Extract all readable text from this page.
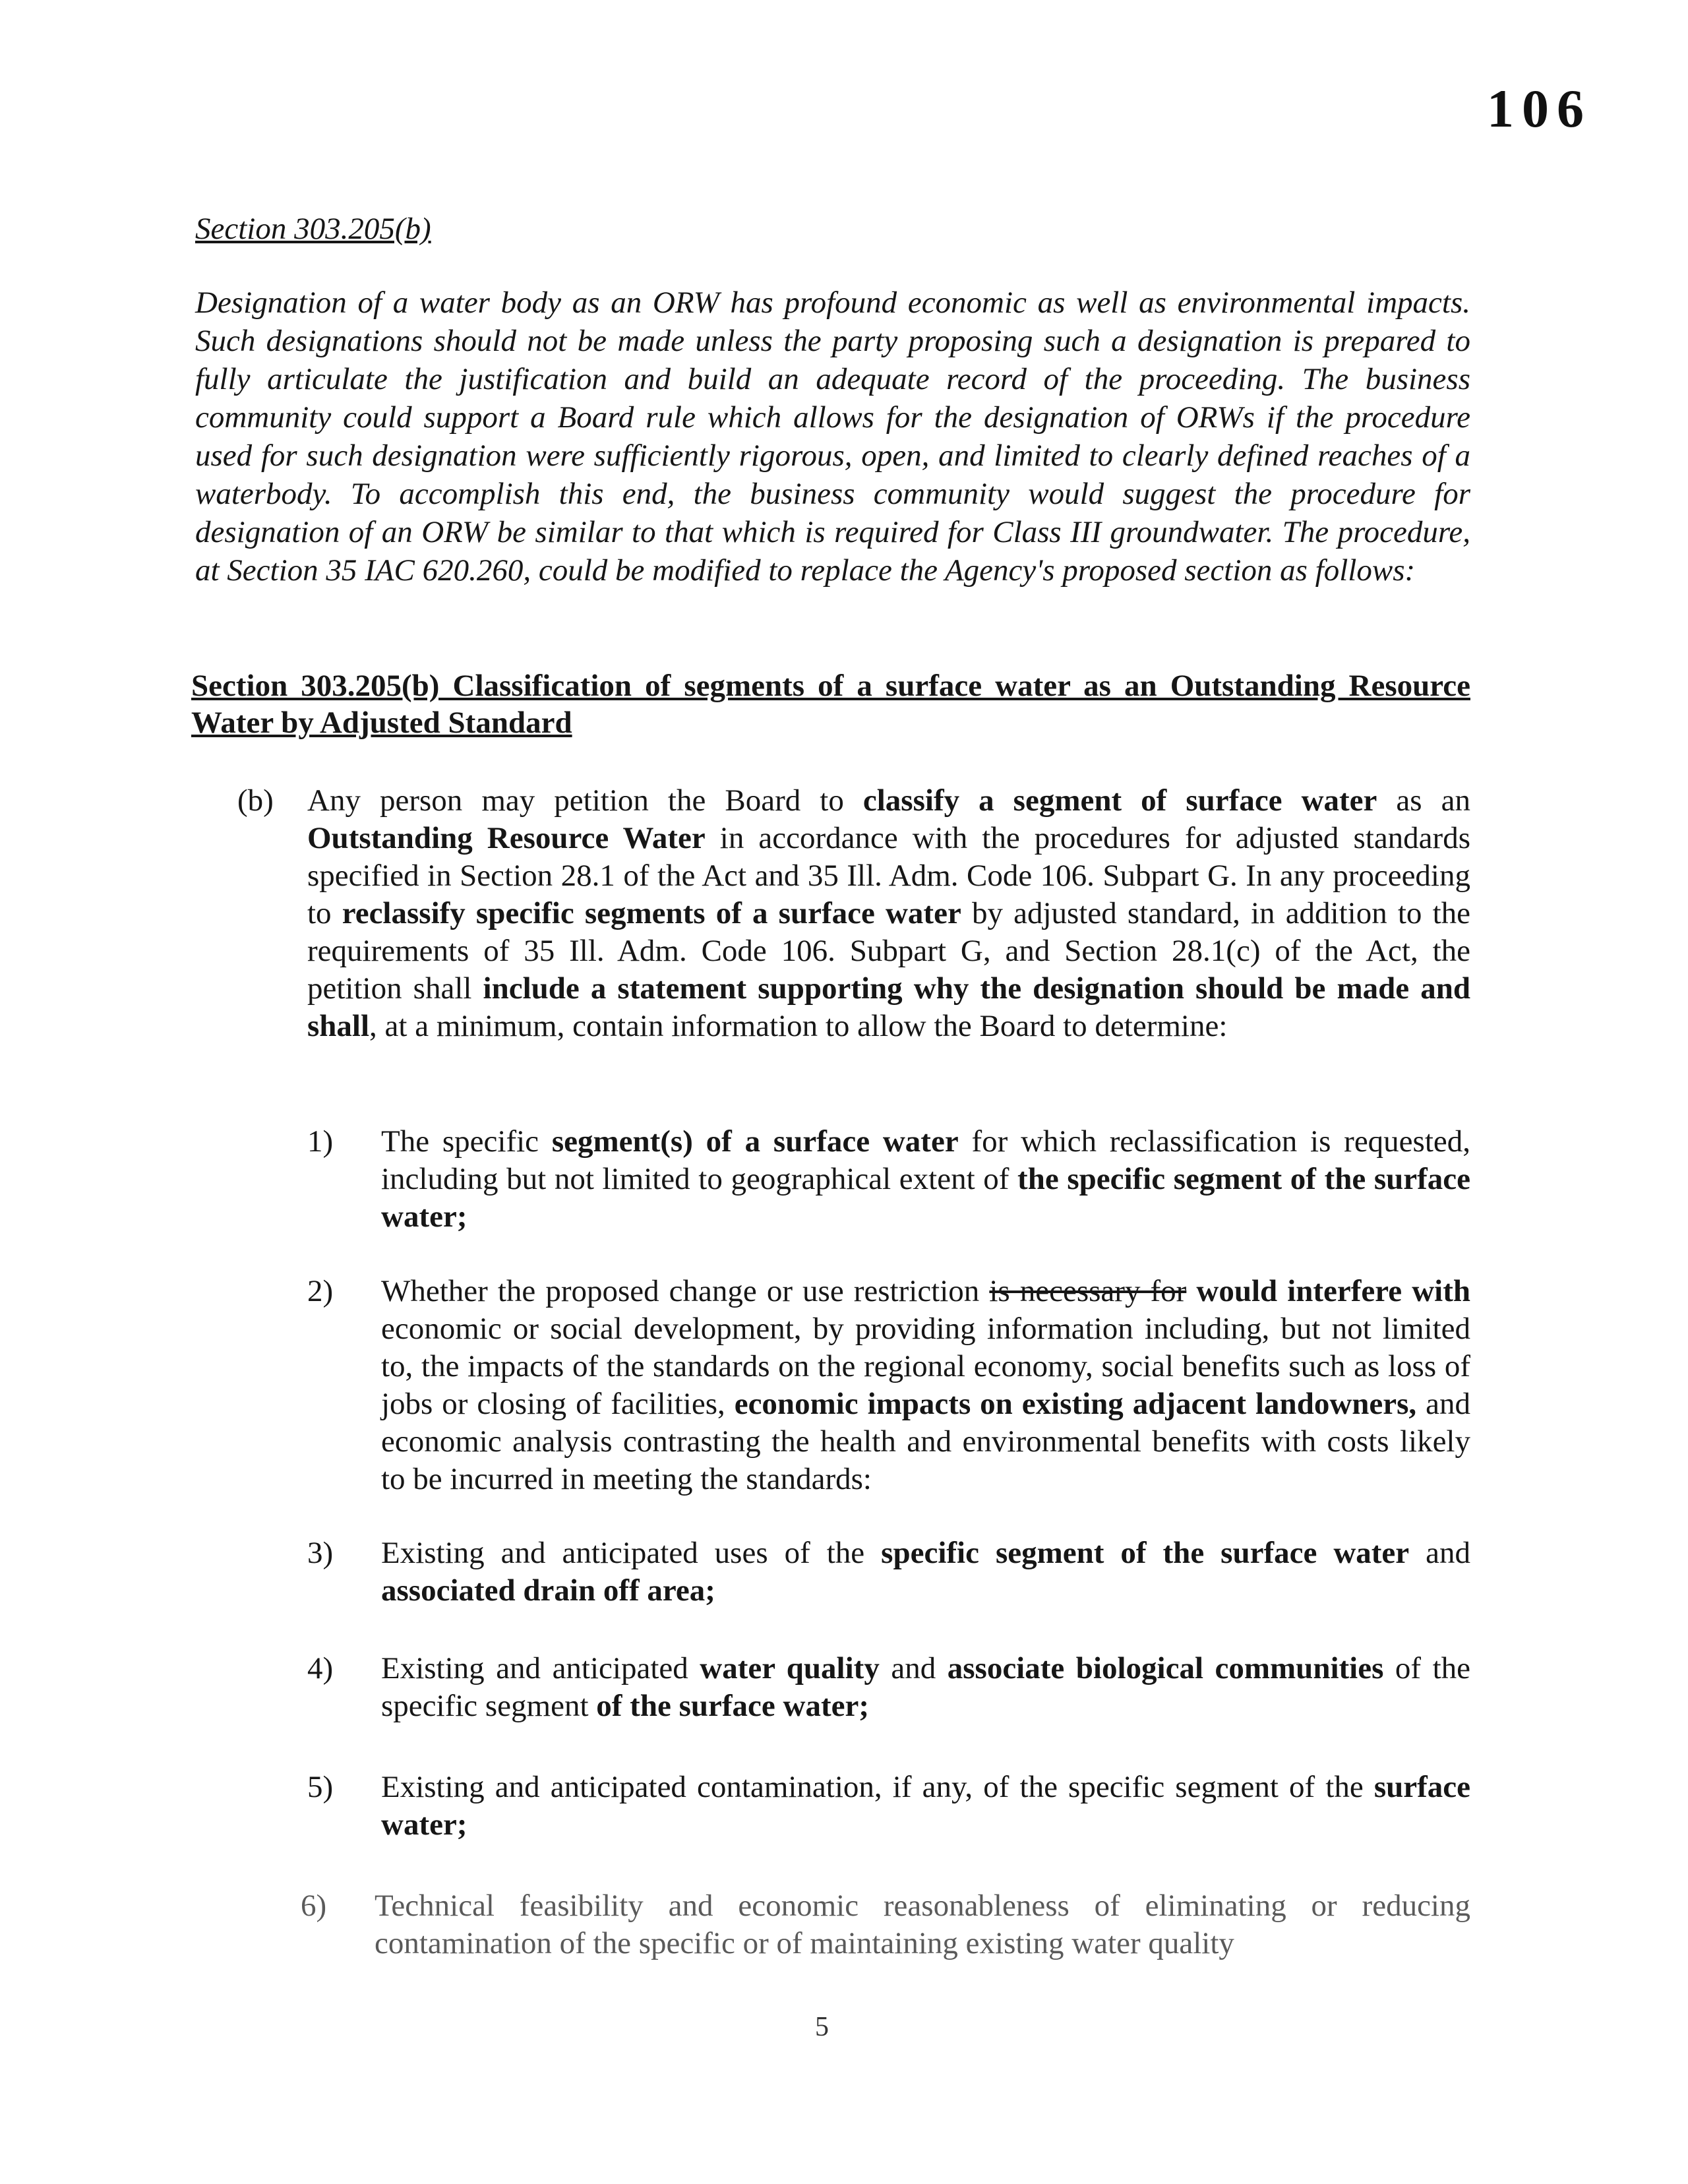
106
Section 303.205(b)
Designation of a water body as an ORW has profound economic as well as environmental impacts. Such designations should not be made unless the party proposing such a designation is prepared to fully articulate the justification and build an adequate record of the proceeding. The business community could support a Board rule which allows for the designation of ORWs if the procedure used for such designation were sufficiently rigorous, open, and limited to clearly defined reaches of a waterbody. To accomplish this end, the business community would suggest the procedure for designation of an ORW be similar to that which is required for Class III groundwater. The procedure, at Section 35 IAC 620.260, could be modified to replace the Agency's proposed section as follows:
Section 303.205(b) Classification of segments of a surface water as an Outstanding Resource Water by Adjusted Standard
(b) Any person may petition the Board to classify a segment of surface water as an Outstanding Resource Water in accordance with the procedures for adjusted standards specified in Section 28.1 of the Act and 35 Ill. Adm. Code 106. Subpart G. In any proceeding to reclassify specific segments of a surface water by adjusted standard, in addition to the requirements of 35 Ill. Adm. Code 106. Subpart G, and Section 28.1(c) of the Act, the petition shall include a statement supporting why the designation should be made and shall, at a minimum, contain information to allow the Board to determine:
1) The specific segment(s) of a surface water for which reclassification is requested, including but not limited to geographical extent of the specific segment of the surface water;
2) Whether the proposed change or use restriction is necessary for would interfere with economic or social development, by providing information including, but not limited to, the impacts of the standards on the regional economy, social benefits such as loss of jobs or closing of facilities, economic impacts on existing adjacent landowners, and economic analysis contrasting the health and environmental benefits with costs likely to be incurred in meeting the standards:
3) Existing and anticipated uses of the specific segment of the surface water and associated drain off area;
4) Existing and anticipated water quality and associate biological communities of the specific segment of the surface water;
5) Existing and anticipated contamination, if any, of the specific segment of the surface water;
6) Technical feasibility and economic reasonableness of eliminating or reducing contamination of the specific or of maintaining existing water quality
5
